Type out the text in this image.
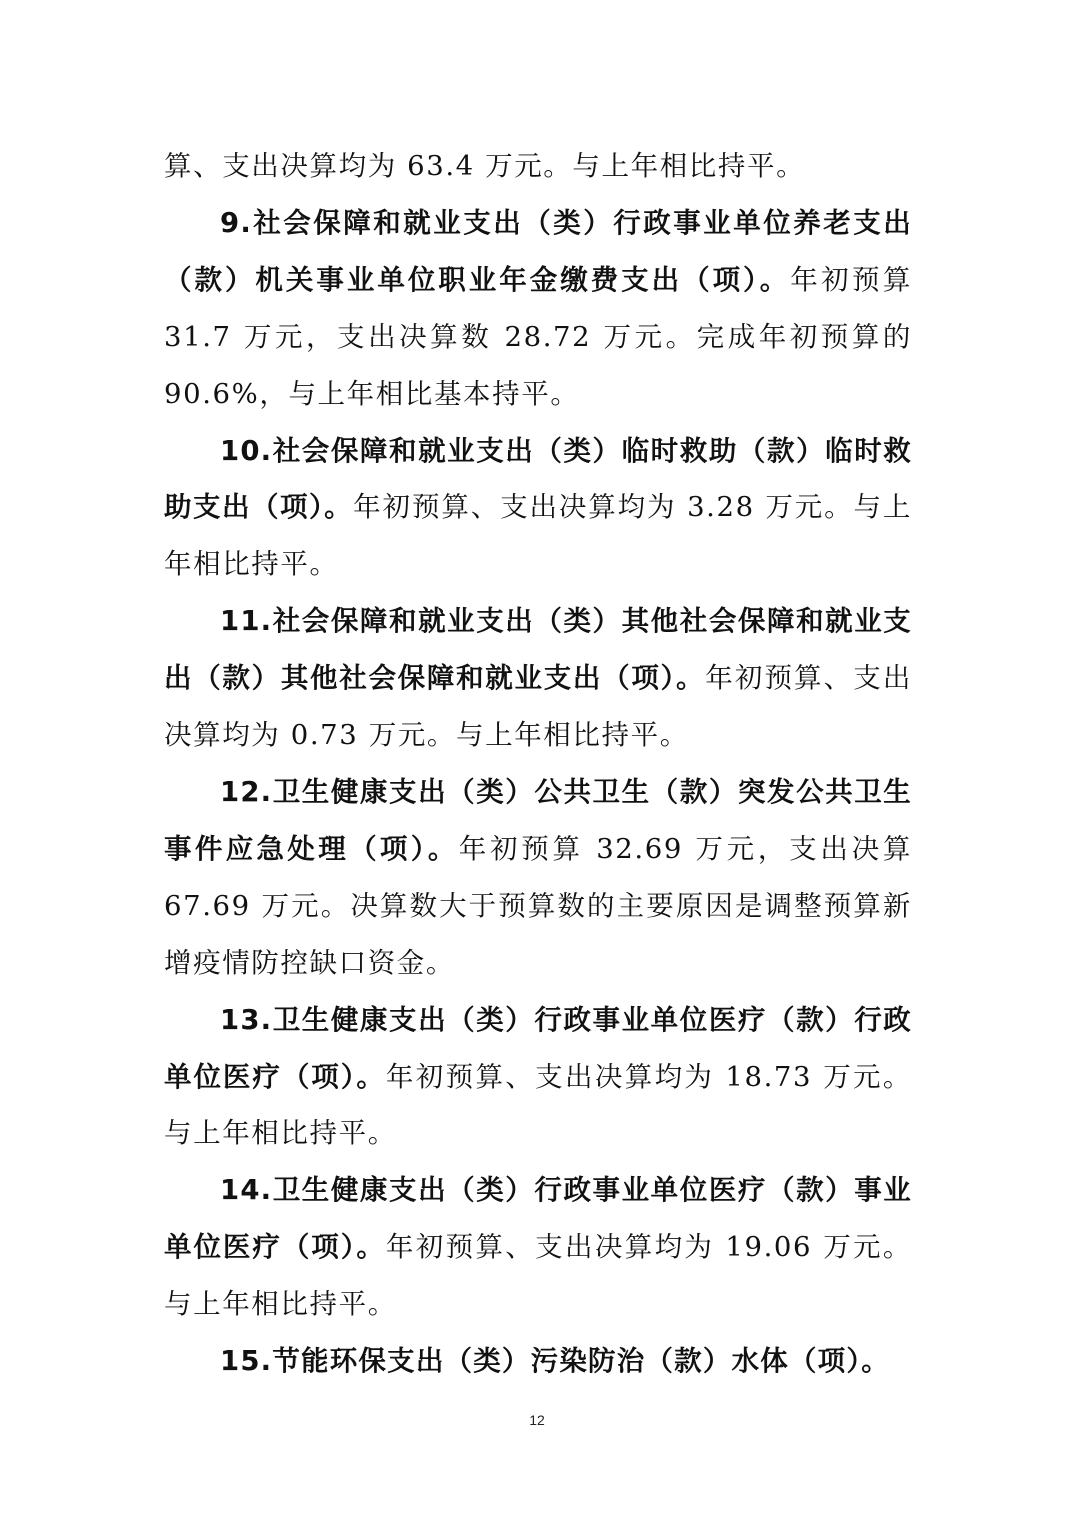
算、支出决算均为 63.4 万元。与上年相比持平。

9.社会保障和就业支出（类）行政事业单位养老支出（款）机关事业单位职业年金缴费支出（项）。年初预算 31.7 万元，支出决算数 28.72 万元。完成年初预算的 90.6%，与上年相比基本持平。

10.社会保障和就业支出（类）临时救助（款）临时救助支出（项）。年初预算、支出决算均为 3.28 万元。与上年相比持平。

11.社会保障和就业支出（类）其他社会保障和就业支出（款）其他社会保障和就业支出（项）。年初预算、支出决算均为 0.73 万元。与上年相比持平。

12.卫生健康支出（类）公共卫生（款）突发公共卫生事件应急处理（项）。年初预算 32.69 万元，支出决算 67.69 万元。决算数大于预算数的主要原因是调整预算新增疫情防控缺口资金。

13.卫生健康支出（类）行政事业单位医疗（款）行政单位医疗（项）。年初预算、支出决算均为 18.73 万元。与上年相比持平。

14.卫生健康支出（类）行政事业单位医疗（款）事业单位医疗（项）。年初预算、支出决算均为 19.06 万元。与上年相比持平。

15.节能环保支出（类）污染防治（款）水体（项）。

12
